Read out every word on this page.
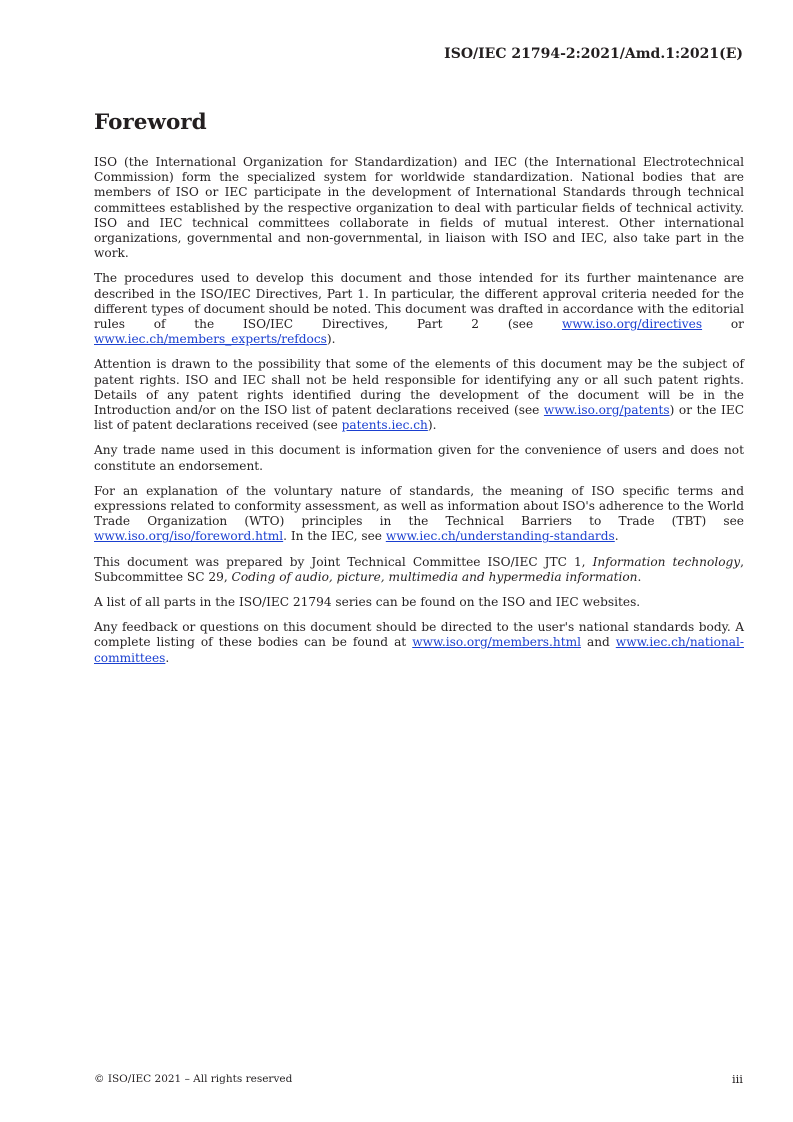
ISO/IEC 21794-2:2021/Amd.1:2021(E)
Foreword

ISO (the International Organization for Standardization) and IEC (the International Electrotechnical Commission) form the specialized system for worldwide standardization. National bodies that are members of ISO or IEC participate in the development of International Standards through technical committees established by the respective organization to deal with particular fields of technical activity. ISO and IEC technical committees collaborate in fields of mutual interest. Other international organizations, governmental and non-governmental, in liaison with ISO and IEC, also take part in the work.

The procedures used to develop this document and those intended for its further maintenance are described in the ISO/IEC Directives, Part 1. In particular, the different approval criteria needed for the different types of document should be noted. This document was drafted in accordance with the editorial rules of the ISO/IEC Directives, Part 2 (see www.iso.org/directives or www.iec.ch/members_experts/refdocs).

Attention is drawn to the possibility that some of the elements of this document may be the subject of patent rights. ISO and IEC shall not be held responsible for identifying any or all such patent rights. Details of any patent rights identified during the development of the document will be in the Introduction and/or on the ISO list of patent declarations received (see www.iso.org/patents) or the IEC list of patent declarations received (see patents.iec.ch).

Any trade name used in this document is information given for the convenience of users and does not constitute an endorsement.

For an explanation of the voluntary nature of standards, the meaning of ISO specific terms and expressions related to conformity assessment, as well as information about ISO's adherence to the World Trade Organization (WTO) principles in the Technical Barriers to Trade (TBT) see www.iso.org/iso/foreword.html. In the IEC, see www.iec.ch/understanding-standards.

This document was prepared by Joint Technical Committee ISO/IEC JTC 1, Information technology, Subcommittee SC 29, Coding of audio, picture, multimedia and hypermedia information.

A list of all parts in the ISO/IEC 21794 series can be found on the ISO and IEC websites.

Any feedback or questions on this document should be directed to the user's national standards body. A complete listing of these bodies can be found at www.iso.org/members.html and www.iec.ch/national-committees.

© ISO/IEC 2021 – All rights reserved	iii
